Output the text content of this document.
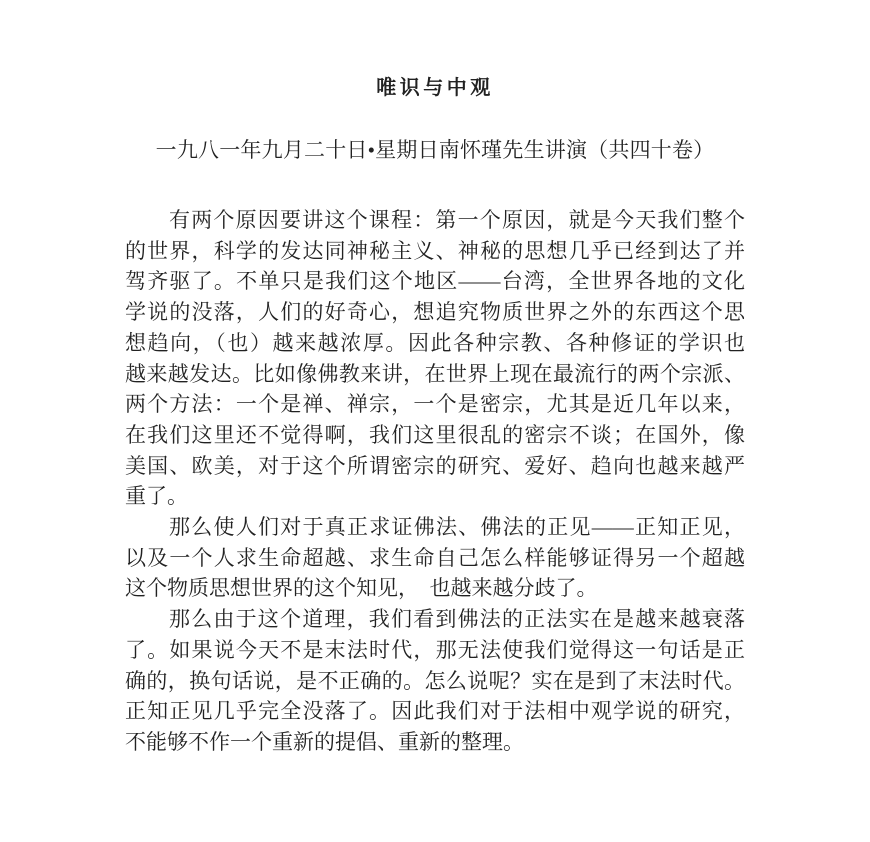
唯识与中观
一九八一年九月二十日•星期日南怀瑾先生讲演（共四十卷）
有两个原因要讲这个课程：第一个原因，就是今天我们整个
的世界，科学的发达同神秘主义、神秘的思想几乎已经到达了并
驾齐驱了。不单只是我们这个地区——台湾，全世界各地的文化
学说的没落，人们的好奇心，想追究物质世界之外的东西这个思
想趋向，（也）越来越浓厚。因此各种宗教、各种修证的学识也
越来越发达。比如像佛教来讲，在世界上现在最流行的两个宗派、
两个方法：一个是禅、禅宗，一个是密宗，尤其是近几年以来，
在我们这里还不觉得啊，我们这里很乱的密宗不谈；在国外，像
美国、欧美，对于这个所谓密宗的研究、爱好、趋向也越来越严
重了。
那么使人们对于真正求证佛法、佛法的正见——正知正见，
以及一个人求生命超越、求生命自己怎么样能够证得另一个超越
这个物质思想世界的这个知见，　也越来越分歧了。
那么由于这个道理，我们看到佛法的正法实在是越来越衰落
了。如果说今天不是末法时代，那无法使我们觉得这一句话是正
确的，换句话说，是不正确的。怎么说呢？实在是到了末法时代。
正知正见几乎完全没落了。因此我们对于法相中观学说的研究，
不能够不作一个重新的提倡、重新的整理。
